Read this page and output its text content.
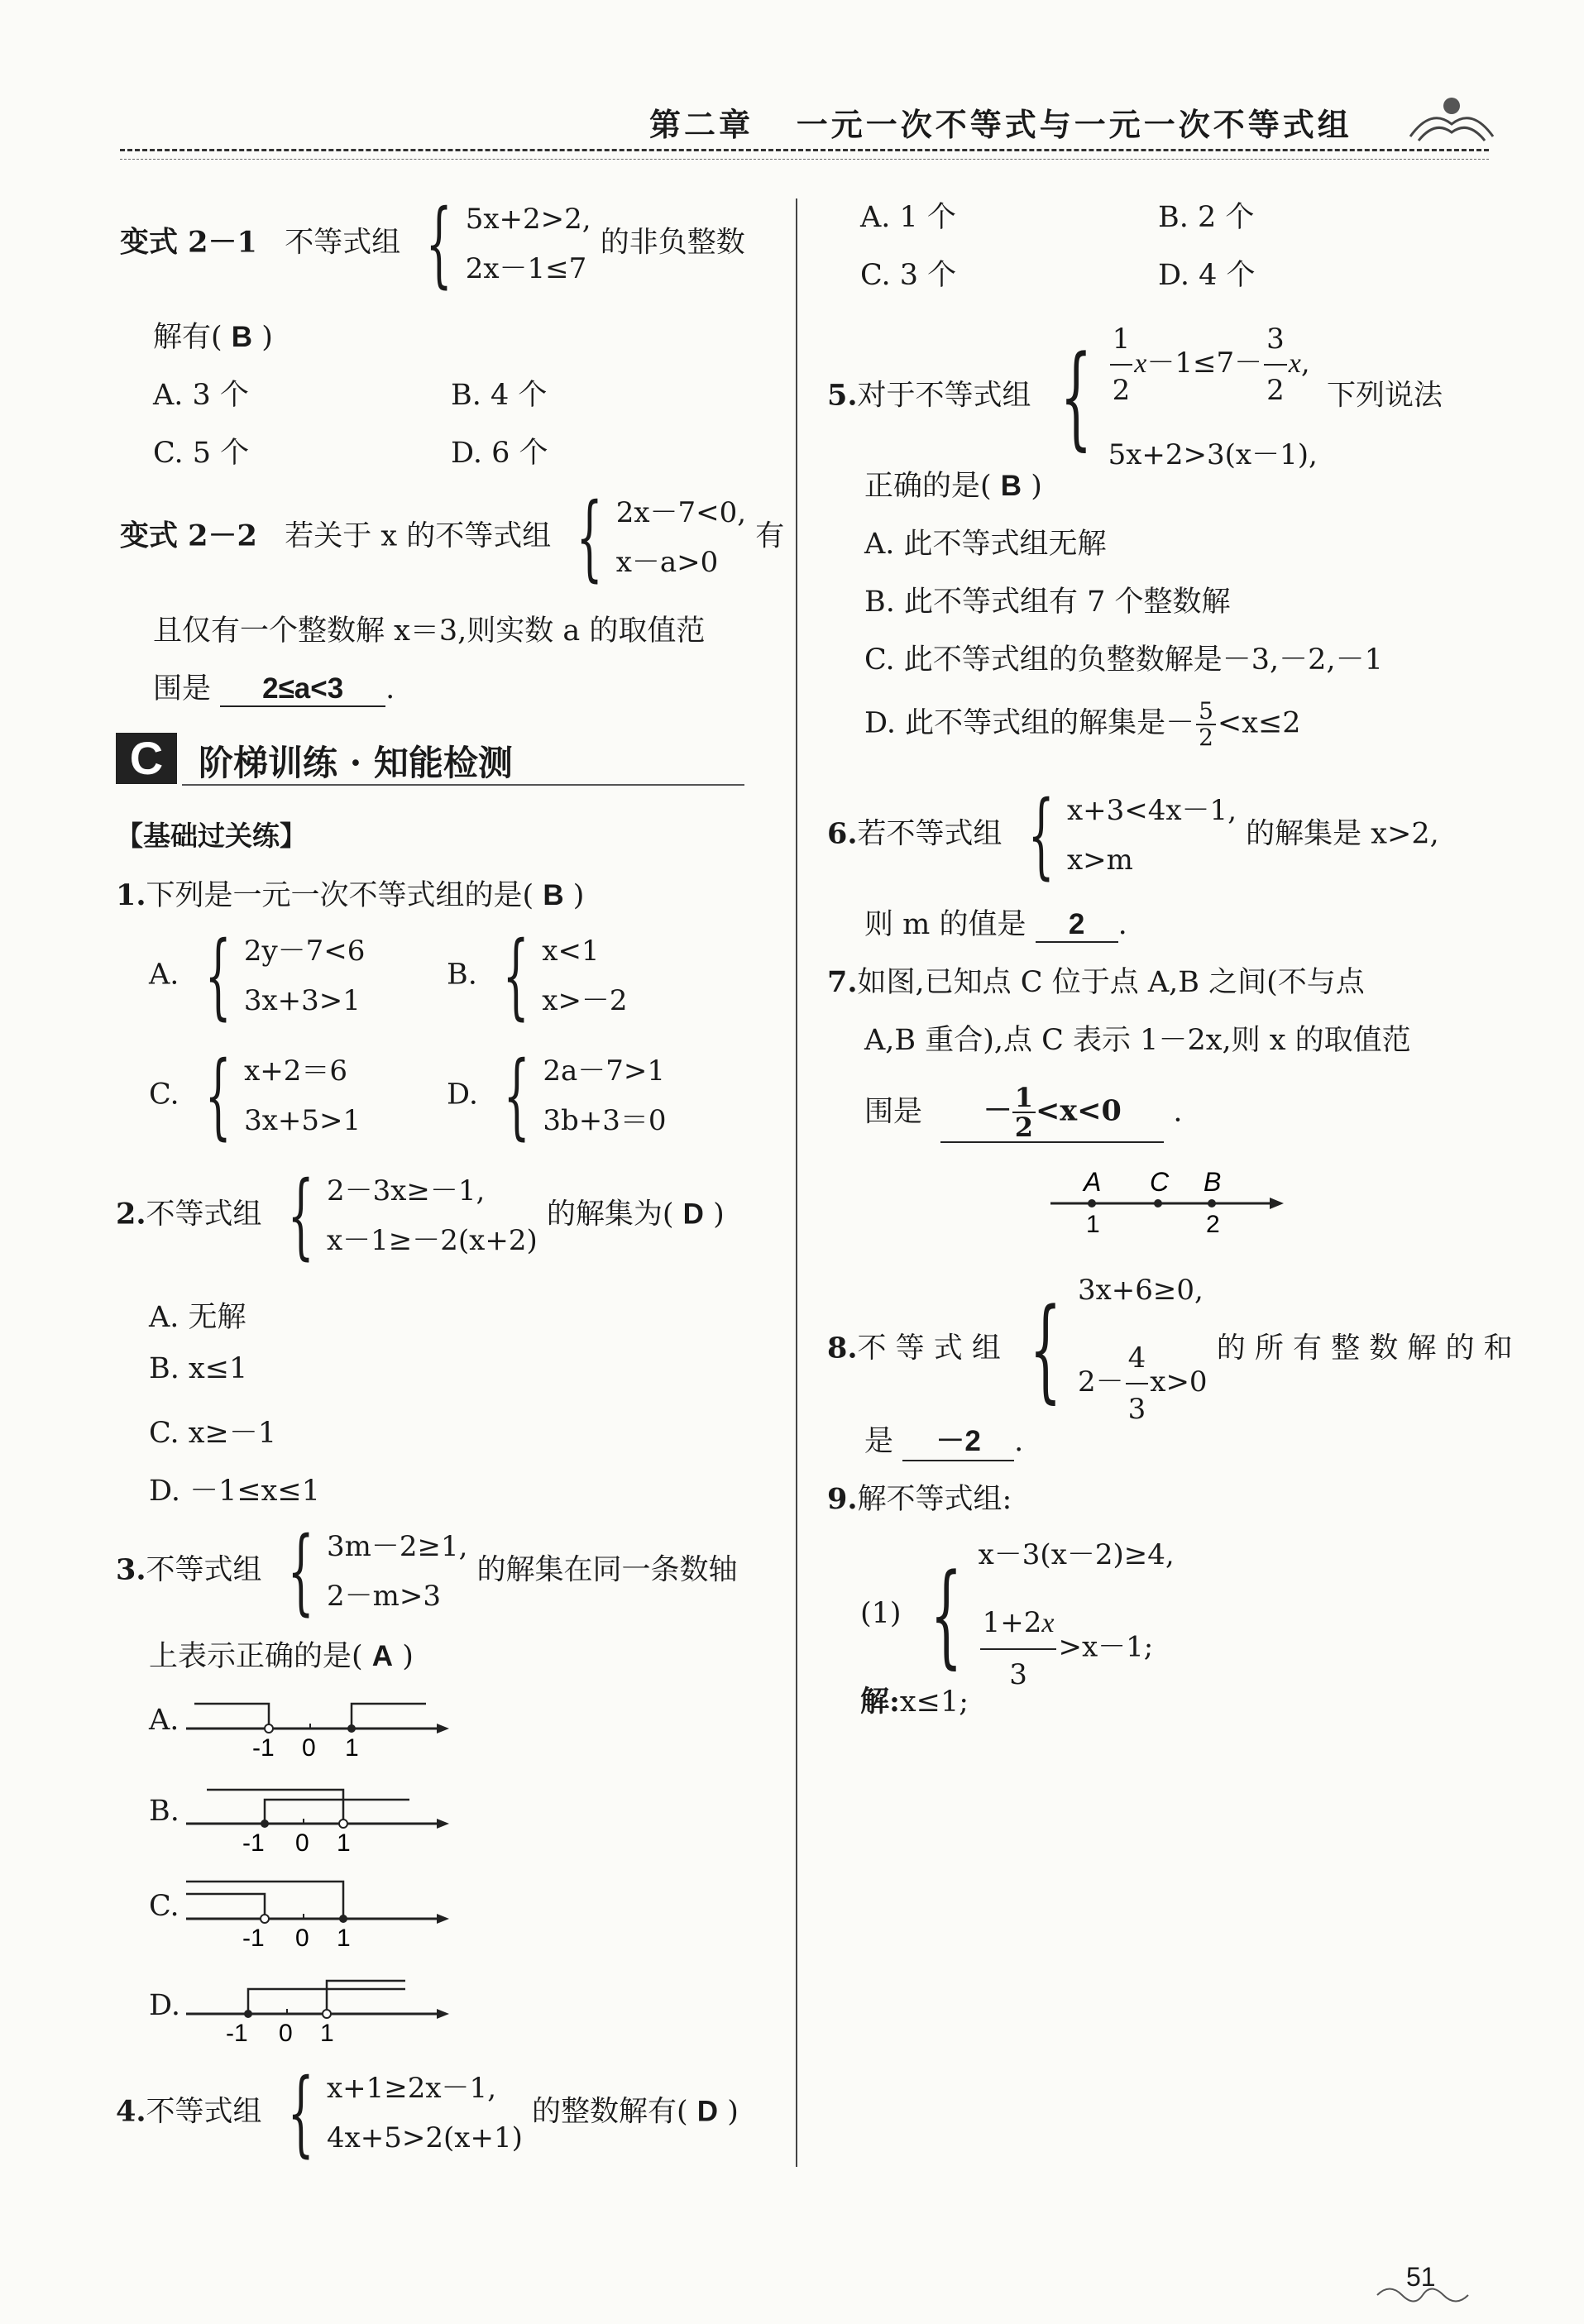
第二章 一元一次不等式与一元一次不等式组
变式 2－1 不等式组 { 5x+2>2,
2x－1≤7
的非负整数
解有( B )
A. 3 个	B. 4 个
C. 5 个	D. 6 个
变式 2－2 若关于 x 的不等式组 { 2x－7<0,
x－a>0
有
且仅有一个整数解 x＝3,则实数 a 的取值范
围是 2≤a<3 .
C	阶梯训练 · 知能检测
【基础过关练】
1.下列是一元一次不等式组的是( B )
A. { 2y－7<6
3x+3>1
B. { x<1
x>－2
C. { x+2＝6
3x+5>1
D. { 2a－7>1
3b+3＝0
2.不等式组 { 2－3x≥－1,
x－1≥－2(x+2)
的解集为( D )
A. 无解
B. x≤1
C. x≥－1
D. －1≤x≤1
3.不等式组 { 3m－2≥1,
2－m>3
的解集在同一条数轴
上表示正确的是( A )
A.
-1 0 1
B.
-1 0 1
C.
-1 0 1
D.
-1 0 1
4.不等式组 { x+1≥2x－1,
4x+5>2(x+1)
的整数解有( D )
A. 1 个	B. 2 个
C. 3 个	D. 4 个
5.对于不等式组 { $\frac{1}{2} x-1\le 7- \frac{3}{2} x$,
5x+2>3(x－1),
下列说法
正确的是( B )
A. 此不等式组无解
B. 此不等式组有 7 个整数解
C. 此不等式组的负整数解是－3,－2,－1
D. 此不等式组的解集是－ $\frac{5}{2} <x\le 2$
6.若不等式组 { x+3<4x－1,
x>m
的解集是 x>2,
则 m 的值是 2 .
7.如图,已知点 C 位于点 A,B 之间(不与点
A,B 重合),点 C 表示 1－2x,则 x 的取值范
围是 － $\frac{1}{2} <x<0$ .
A C B
1	2
8.不 等 式 组 { 3x+6≥0,
$2- \frac{4}{3} x>0$
的 所 有 整 数 解 的 和
是 －2 .
9.解不等式组:
(1) { x－3(x－2)≥4,
$\frac{1+2x}{3} >x-1$;
解:x≤1;
51
